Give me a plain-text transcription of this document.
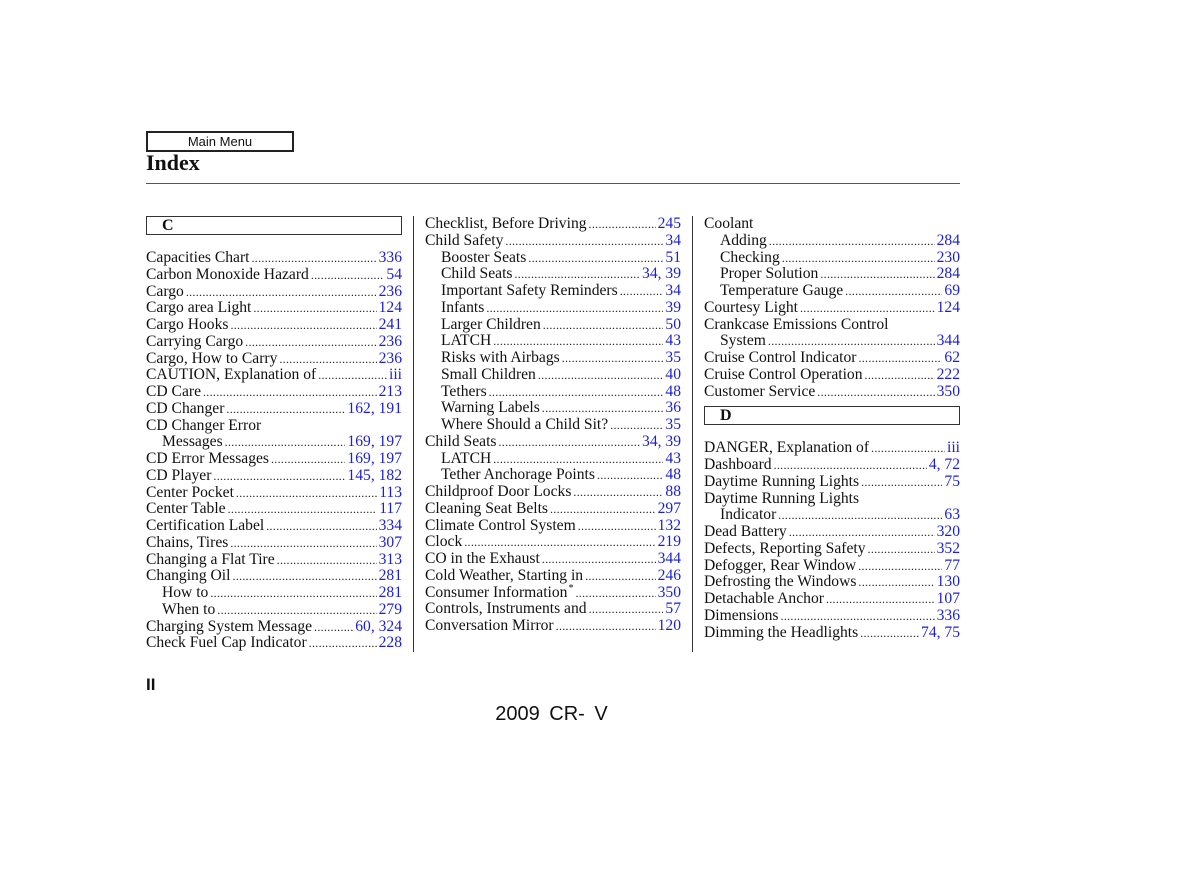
Main Menu
Index
C
Capacities Chart .....	336
Carbon Monoxide Hazard .....	54
Cargo .....	236
Cargo area Light .....	124
Cargo Hooks .....	241
Carrying Cargo .....	236
Cargo, How to Carry .....	236
CAUTION, Explanation of .....	iii
CD Care .....	213
CD Changer .....	162, 191
CD Changer Error
Messages .....	169, 197
CD Error Messages .....	169, 197
CD Player .....	145, 182
Center Pocket .....	113
Center Table .....	117
Certification Label .....	334
Chains, Tires .....	307
Changing a Flat Tire .....	313
Changing Oil .....	281
How to .....	281
When to .....	279
Charging System Message .....	60, 324
Check Fuel Cap Indicator .....	228
Checklist, Before Driving .....	245
Child Safety .....	34
Booster Seats .....	51
Child Seats .....	34, 39
Important Safety Reminders .....	34
Infants .....	39
Larger Children .....	50
LATCH .....	43
Risks with Airbags .....	35
Small Children .....	40
Tethers .....	48
Warning Labels .....	36
Where Should a Child Sit? .....	35
Child Seats .....	34, 39
LATCH .....	43
Tether Anchorage Points .....	48
Childproof Door Locks .....	88
Cleaning Seat Belts .....	297
Climate Control System .....	132
Clock .....	219
CO in the Exhaust .....	344
Cold Weather, Starting in .....	246
Consumer Information* .....	350
Controls, Instruments and .....	57
Conversation Mirror .....	120
Coolant
Adding .....	284
Checking .....	230
Proper Solution .....	284
Temperature Gauge .....	69
Courtesy Light .....	124
Crankcase Emissions Control
System .....	344
Cruise Control Indicator .....	62
Cruise Control Operation .....	222
Customer Service .....	350
D
DANGER, Explanation of .....	iii
Dashboard .....	4, 72
Daytime Running Lights .....	75
Daytime Running Lights
Indicator .....	63
Dead Battery .....	320
Defects, Reporting Safety .....	352
Defogger, Rear Window .....	77
Defrosting the Windows .....	130
Detachable Anchor .....	107
Dimensions .....	336
Dimming the Headlights .....	74, 75
II
2009 CR- V
